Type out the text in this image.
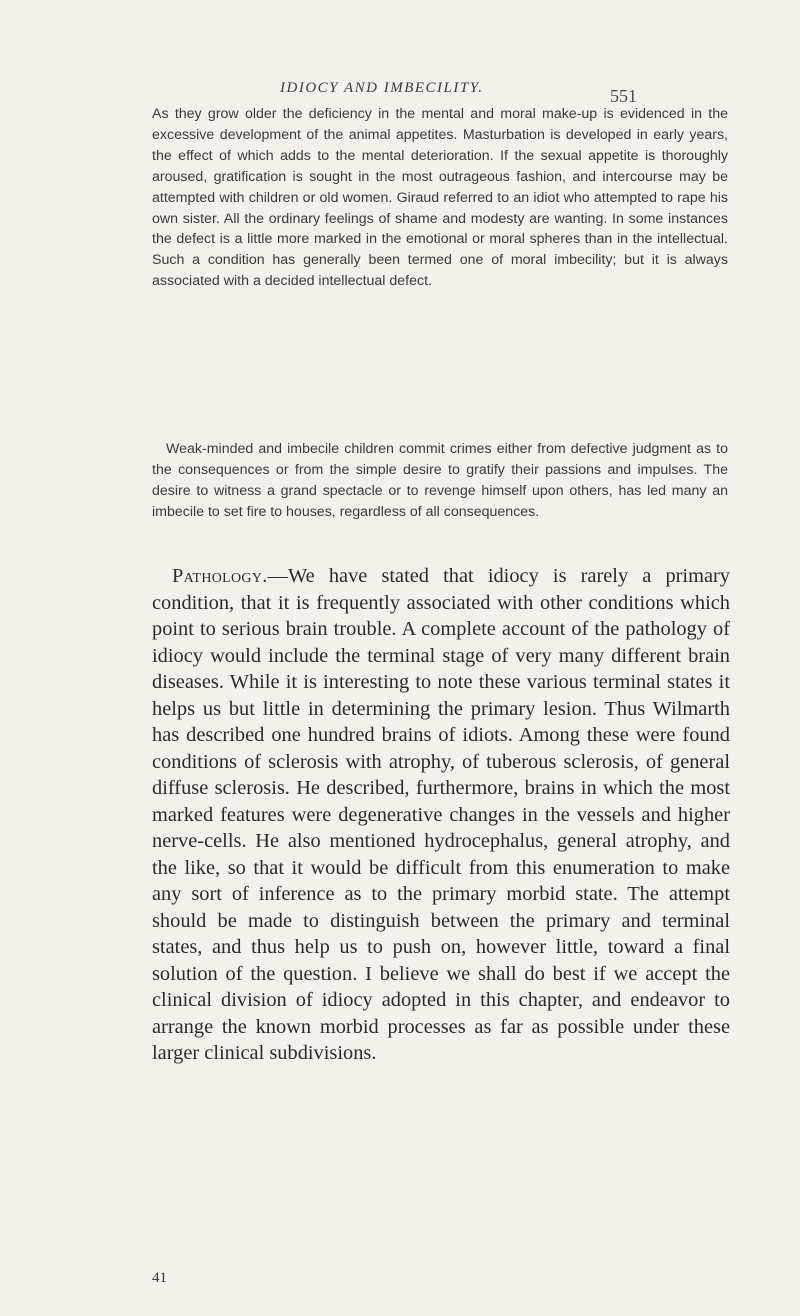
IDIOCY AND IMBECILITY.	551

As they grow older the deficiency in the mental and moral make-up is evidenced in the excessive development of the animal appetites. Masturbation is developed in early years, the effect of which adds to the mental deterioration. If the sexual appetite is thoroughly aroused, gratification is sought in the most outrageous fashion, and intercourse may be attempted with children or old women. Giraud referred to an idiot who attempted to rape his own sister. All the ordinary feelings of shame and modesty are wanting. In some instances the defect is a little more marked in the emotional or moral spheres than in the intellectual. Such a condition has generally been termed one of moral imbecility; but it is always associated with a decided intellectual defect.

Weak-minded and imbecile children commit crimes either from defective judgment as to the consequences or from the simple desire to gratify their passions and impulses. The desire to witness a grand spectacle or to revenge himself upon others, has led many an imbecile to set fire to houses, regardless of all consequences.

Pathology.—We have stated that idiocy is rarely a primary condition, that it is frequently associated with other conditions which point to serious brain trouble. A complete account of the pathology of idiocy would include the terminal stage of very many different brain diseases. While it is interesting to note these various terminal states it helps us but little in determining the primary lesion. Thus Wilmarth has described one hundred brains of idiots. Among these were found conditions of sclerosis with atrophy, of tuberous sclerosis, of general diffuse sclerosis. He described, furthermore, brains in which the most marked features were degenerative changes in the vessels and higher nerve-cells. He also mentioned hydrocephalus, general atrophy, and the like, so that it would be difficult from this enumeration to make any sort of inference as to the primary morbid state. The attempt should be made to distinguish between the primary and terminal states, and thus help us to push on, however little, toward a final solution of the question. I believe we shall do best if we accept the clinical division of idiocy adopted in this chapter, and endeavor to arrange the known morbid processes as far as possible under these larger clinical subdivisions.

41
